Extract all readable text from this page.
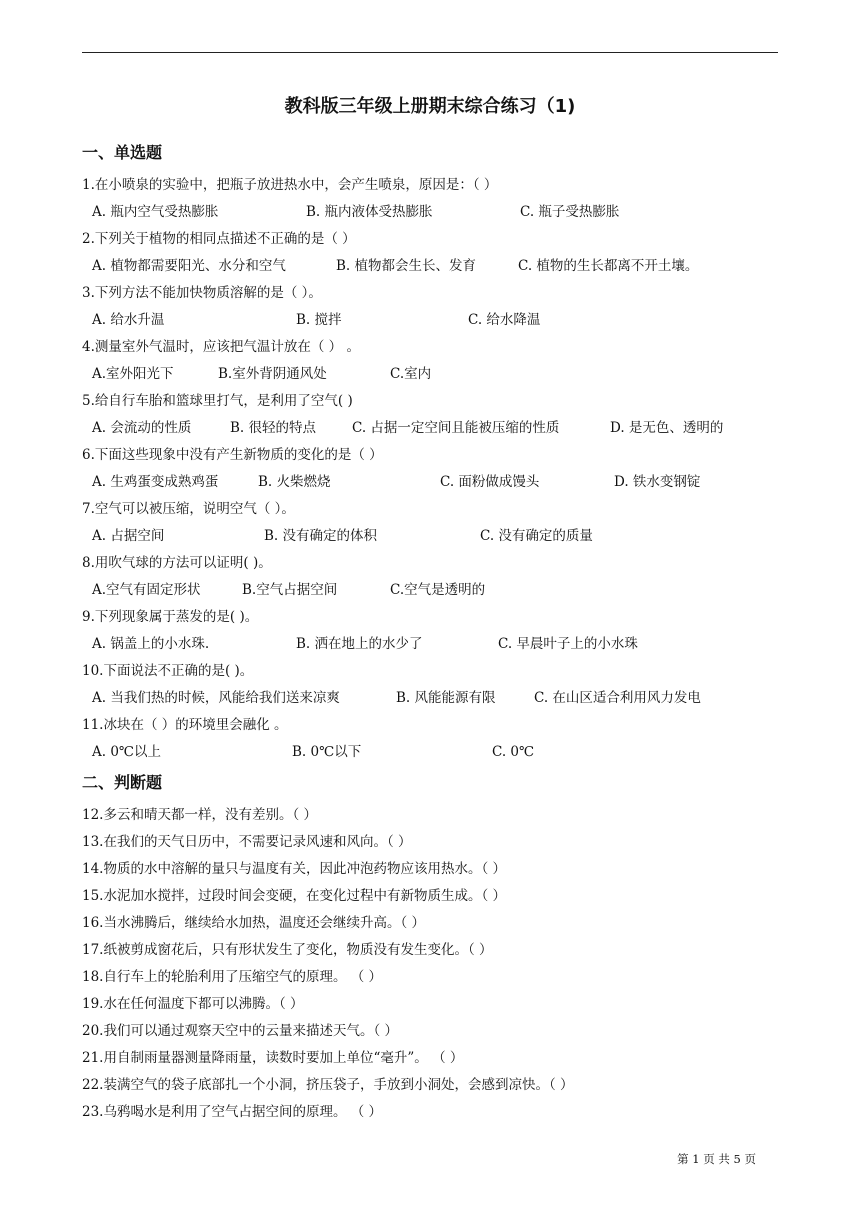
教科版三年级上册期末综合练习（1)
一、单选题
1.在小喷泉的实验中，把瓶子放进热水中，会产生喷泉，原因是：（ ）
A. 瓶内空气受热膨胀	B. 瓶内液体受热膨胀	C. 瓶子受热膨胀
2.下列关于植物的相同点描述不正确的是（ ）
A. 植物都需要阳光、水分和空气	B. 植物都会生长、发育	C. 植物的生长都离不开土壤。
3.下列方法不能加快物质溶解的是（ ）。
A. 给水升温	B. 搅拌	C. 给水降温
4.测量室外气温时，应该把气温计放在（ ） 。
A.室外阳光下	B.室外背阴通风处	C.室内
5.给自行车胎和篮球里打气，是利用了空气( )
A. 会流动的性质	B. 很轻的特点	C. 占据一定空间且能被压缩的性质	D. 是无色、透明的
6.下面这些现象中没有产生新物质的变化的是（ ）
A. 生鸡蛋变成熟鸡蛋	B. 火柴燃烧	C. 面粉做成馒头	D. 铁水变钢锭
7.空气可以被压缩，说明空气（ ）。
A. 占据空间	B. 没有确定的体积	C. 没有确定的质量
8.用吹气球的方法可以证明( )。
A.空气有固定形状	B.空气占据空间	C.空气是透明的
9.下列现象属于蒸发的是( )。
A. 锅盖上的小水珠.	B. 洒在地上的水少了	C. 早晨叶子上的小水珠
10.下面说法不正确的是( )。
A. 当我们热的时候，风能给我们送来凉爽	B. 风能能源有限	C. 在山区适合利用风力发电
11.冰块在（ ）的环境里会融化 。
A. 0℃以上	B. 0℃以下	C. 0℃
二、判断题
12.多云和晴天都一样，没有差别。（ ）
13.在我们的天气日历中，不需要记录风速和风向。（ ）
14.物质的水中溶解的量只与温度有关，因此冲泡药物应该用热水。（ ）
15.水泥加水搅拌，过段时间会变硬，在变化过程中有新物质生成。（ ）
16.当水沸腾后，继续给水加热，温度还会继续升高。（ ）
17.纸被剪成窗花后，只有形状发生了变化，物质没有发生变化。（ ）
18.自行车上的轮胎利用了压缩空气的原理。 （ ）
19.水在任何温度下都可以沸腾。（ ）
20.我们可以通过观察天空中的云量来描述天气。（ ）
21.用自制雨量器测量降雨量，读数时要加上单位“毫升”。 （ ）
22.装满空气的袋子底部扎一个小洞，挤压袋子，手放到小洞处，会感到凉快。（ ）
23.乌鸦喝水是利用了空气占据空间的原理。 （ ）
第 1 页 共 5 页
